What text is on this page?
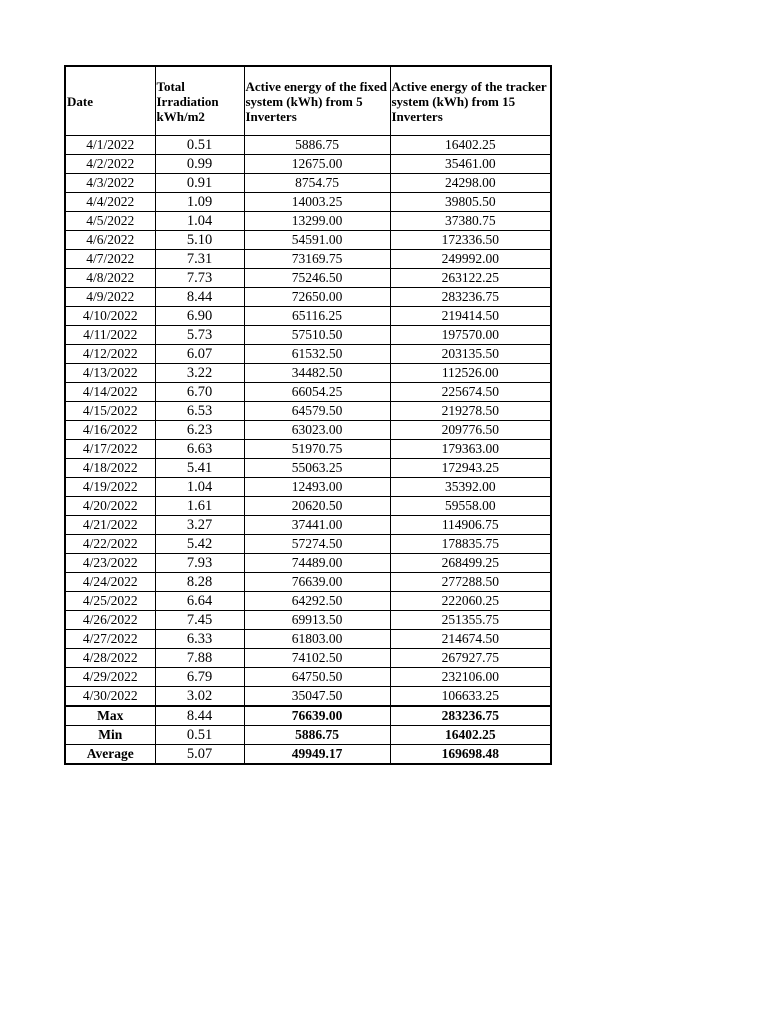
Date	Total Irradiation kWh/m2	Active energy of the fixed system (kWh) from 5 Inverters	Active energy of the tracker system (kWh) from 15 Inverters
4/1/2022	0.51	5886.75	16402.25
4/2/2022	0.99	12675.00	35461.00
4/3/2022	0.91	8754.75	24298.00
4/4/2022	1.09	14003.25	39805.50
4/5/2022	1.04	13299.00	37380.75
4/6/2022	5.10	54591.00	172336.50
4/7/2022	7.31	73169.75	249992.00
4/8/2022	7.73	75246.50	263122.25
4/9/2022	8.44	72650.00	283236.75
4/10/2022	6.90	65116.25	219414.50
4/11/2022	5.73	57510.50	197570.00
4/12/2022	6.07	61532.50	203135.50
4/13/2022	3.22	34482.50	112526.00
4/14/2022	6.70	66054.25	225674.50
4/15/2022	6.53	64579.50	219278.50
4/16/2022	6.23	63023.00	209776.50
4/17/2022	6.63	51970.75	179363.00
4/18/2022	5.41	55063.25	172943.25
4/19/2022	1.04	12493.00	35392.00
4/20/2022	1.61	20620.50	59558.00
4/21/2022	3.27	37441.00	114906.75
4/22/2022	5.42	57274.50	178835.75
4/23/2022	7.93	74489.00	268499.25
4/24/2022	8.28	76639.00	277288.50
4/25/2022	6.64	64292.50	222060.25
4/26/2022	7.45	69913.50	251355.75
4/27/2022	6.33	61803.00	214674.50
4/28/2022	7.88	74102.50	267927.75
4/29/2022	6.79	64750.50	232106.00
4/30/2022	3.02	35047.50	106633.25
Max	8.44	76639.00	283236.75
Min	0.51	5886.75	16402.25
Average	5.07	49949.17	169698.48
